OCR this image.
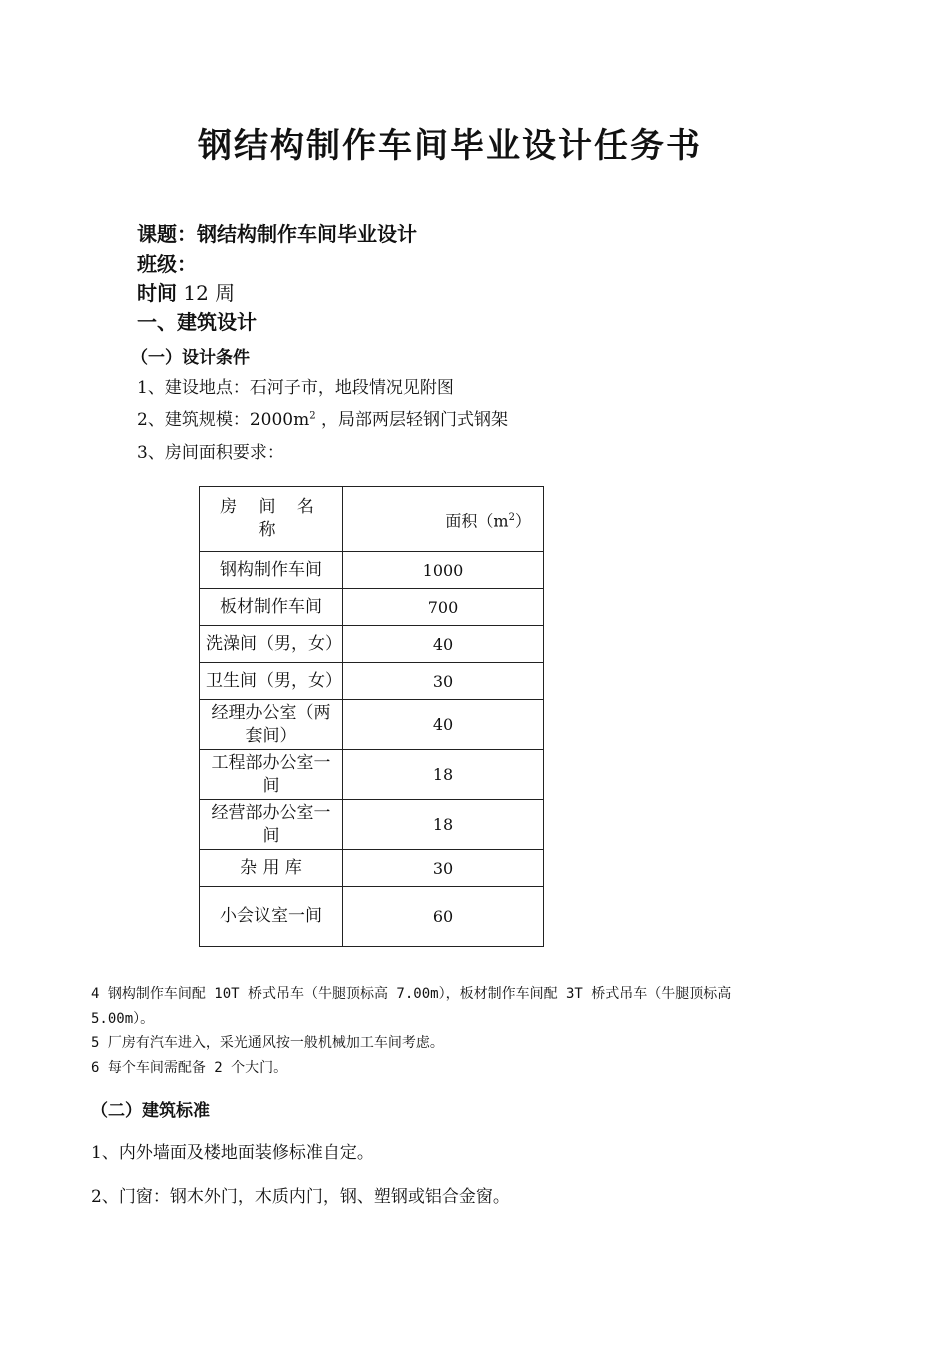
钢结构制作车间毕业设计任务书
课题：钢结构制作车间毕业设计
班级：
时间 12 周
一、建筑设计
（一）设计条件
1、建设地点：石河子市，地段情况见附图
2、建筑规模：$2000m^2$ ，局部两层轻钢门式钢架
3、房间面积要求：
房 间 名 称	面积$(m^2)$

钢构制作车间	1000
板材制作车间	700
洗澡间（男，女）	40
卫生间（男，女）	30
经理办公室（两套间）	40
工程部办公室一间	18
经营部办公室一间	18
杂 用 库	30
小会议室一间	60
4 钢构制作车间配 10T 桥式吊车（牛腿顶标高 7.00m），板材制作车间配 3T 桥式吊车（牛腿顶标高
5.00m）。
5 厂房有汽车进入，采光通风按一般机械加工车间考虑。
6 每个车间需配备 2 个大门。
（二）建筑标准
1、内外墙面及楼地面装修标准自定。
2、门窗：钢木外门，木质内门，钢、塑钢或铝合金窗。
